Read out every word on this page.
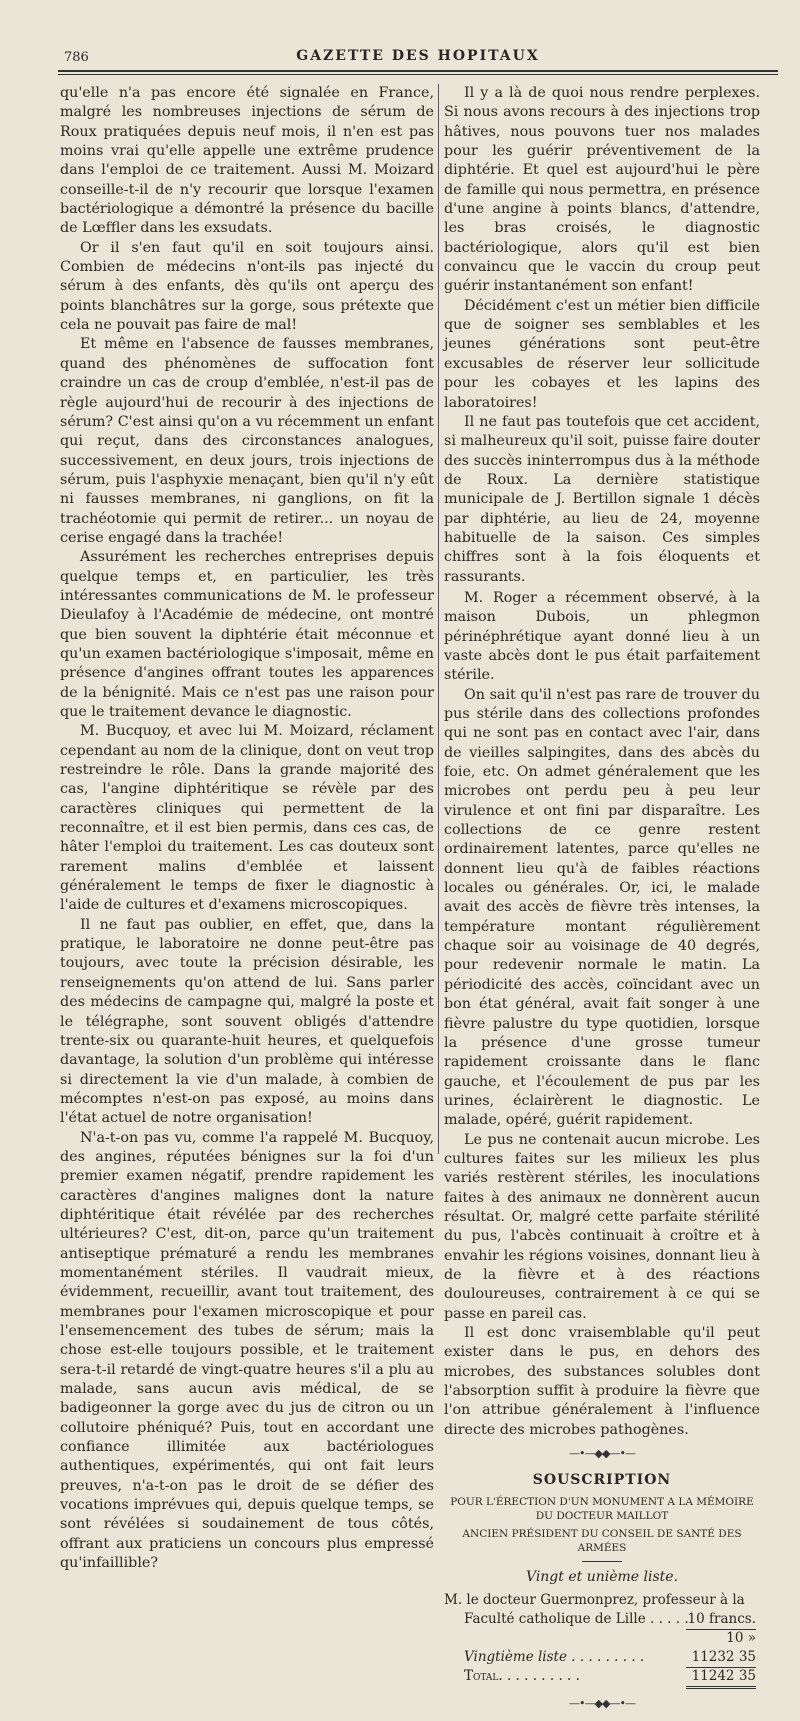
786	GAZETTE DES HOPITAUX

qu'elle n'a pas encore été signalée en France, malgré les nombreuses injections de sérum de Roux pratiquées depuis neuf mois, il n'en est pas moins vrai qu'elle appelle une extrême prudence dans l'emploi de ce traitement. Aussi M. Moizard conseille-t-il de n'y recourir que lorsque l'examen bactériologique a démontré la présence du bacille de Lœffler dans les exsudats.

Or il s'en faut qu'il en soit toujours ainsi. Combien de médecins n'ont-ils pas injecté du sérum à des enfants, dès qu'ils ont aperçu des points blanchâtres sur la gorge, sous prétexte que cela ne pouvait pas faire de mal!

Et même en l'absence de fausses membranes, quand des phénomènes de suffocation font craindre un cas de croup d'emblée, n'est-il pas de règle aujourd'hui de recourir à des injections de sérum? C'est ainsi qu'on a vu récemment un enfant qui reçut, dans des circonstances analogues, successivement, en deux jours, trois injections de sérum, puis l'asphyxie menaçant, bien qu'il n'y eût ni fausses membranes, ni ganglions, on fit la trachéotomie qui permit de retirer... un noyau de cerise engagé dans la trachée!

Assurément les recherches entreprises depuis quelque temps et, en particulier, les très intéressantes communications de M. le professeur Dieulafoy à l'Académie de médecine, ont montré que bien souvent la diphtérie était méconnue et qu'un examen bactériologique s'imposait, même en présence d'angines offrant toutes les apparences de la bénignité. Mais ce n'est pas une raison pour que le traitement devance le diagnostic.

M. Bucquoy, et avec lui M. Moizard, réclament cependant au nom de la clinique, dont on veut trop restreindre le rôle. Dans la grande majorité des cas, l'angine diphtéritique se révèle par des caractères cliniques qui permettent de la reconnaître, et il est bien permis, dans ces cas, de hâter l'emploi du traitement. Les cas douteux sont rarement malins d'emblée et laissent généralement le temps de fixer le diagnostic à l'aide de cultures et d'examens microscopiques.

Il ne faut pas oublier, en effet, que, dans la pratique, le laboratoire ne donne peut-être pas toujours, avec toute la précision désirable, les renseignements qu'on attend de lui. Sans parler des médecins de campagne qui, malgré la poste et le télégraphe, sont souvent obligés d'attendre trente-six ou quarante-huit heures, et quelquefois davantage, la solution d'un problème qui intéresse si directement la vie d'un malade, à combien de mécomptes n'est-on pas exposé, au moins dans l'état actuel de notre organisation!

N'a-t-on pas vu, comme l'a rappelé M. Bucquoy, des angines, réputées bénignes sur la foi d'un premier examen négatif, prendre rapidement les caractères d'angines malignes dont la nature diphtéritique était révélée par des recherches ultérieures? C'est, dit-on, parce qu'un traitement antiseptique prématuré a rendu les membranes momentanément stériles. Il vaudrait mieux, évidemment, recueillir, avant tout traitement, des membranes pour l'examen microscopique et pour l'ensemencement des tubes de sérum; mais la chose est-elle toujours possible, et le traitement sera-t-il retardé de vingt-quatre heures s'il a plu au malade, sans aucun avis médical, de se badigeonner la gorge avec du jus de citron ou un collutoire phéniqué? Puis, tout en accordant une confiance illimitée aux bactériologues authentiques, expérimentés, qui ont fait leurs preuves, n'a-t-on pas le droit de se défier des vocations imprévues qui, depuis quelque temps, se sont révélées si soudainement de tous côtés, offrant aux praticiens un concours plus empressé qu'infaillible?

Il y a là de quoi nous rendre perplexes. Si nous avons recours à des injections trop hâtives, nous pouvons tuer nos malades pour les guérir préventivement de la diphtérie. Et quel est aujourd'hui le père de famille qui nous permettra, en présence d'une angine à points blancs, d'attendre, les bras croisés, le diagnostic bactériologique, alors qu'il est bien convaincu que le vaccin du croup peut guérir instantanément son enfant!

Décidément c'est un métier bien difficile que de soigner ses semblables et les jeunes générations sont peut-être excusables de réserver leur sollicitude pour les cobayes et les lapins des laboratoires!

Il ne faut pas toutefois que cet accident, si malheureux qu'il soit, puisse faire douter des succès ininterrompus dus à la méthode de Roux. La dernière statistique municipale de J. Bertillon signale 1 décès par diphtérie, au lieu de 24, moyenne habituelle de la saison. Ces simples chiffres sont à la fois éloquents et rassurants.

M. Roger a récemment observé, à la maison Dubois, un phlegmon périnéphrétique ayant donné lieu à un vaste abcès dont le pus était parfaitement stérile.

On sait qu'il n'est pas rare de trouver du pus stérile dans des collections profondes qui ne sont pas en contact avec l'air, dans de vieilles salpingites, dans des abcès du foie, etc. On admet généralement que les microbes ont perdu peu à peu leur virulence et ont fini par disparaître. Les collections de ce genre restent ordinairement latentes, parce qu'elles ne donnent lieu qu'à de faibles réactions locales ou générales. Or, ici, le malade avait des accès de fièvre très intenses, la température montant régulièrement chaque soir au voisinage de 40 degrés, pour redevenir normale le matin. La périodicité des accès, coïncidant avec un bon état général, avait fait songer à une fièvre palustre du type quotidien, lorsque la présence d'une grosse tumeur rapidement croissante dans le flanc gauche, et l'écoulement de pus par les urines, éclairèrent le diagnostic. Le malade, opéré, guérit rapidement.

Le pus ne contenait aucun microbe. Les cultures faites sur les milieux les plus variés restèrent stériles, les inoculations faites à des animaux ne donnèrent aucun résultat. Or, malgré cette parfaite stérilité du pus, l'abcès continuait à croître et à envahir les régions voisines, donnant lieu à de la fièvre et à des réactions douloureuses, contrairement à ce qui se passe en pareil cas.

Il est donc vraisemblable qu'il peut exister dans le pus, en dehors des microbes, des substances solubles dont l'absorption suffit à produire la fièvre que l'on attribue généralement à l'influence directe des microbes pathogènes.

—•—◆◆—•—
SOUSCRIPTION
POUR L'ÉRECTION D'UN MONUMENT A LA MÉMOIRE DU DOCTEUR MAILLOT
ANCIEN PRÉSIDENT DU CONSEIL DE SANTÉ DES ARMÉES
Vingt et unième liste.
M. le docteur Guermonprez, professeur à la
Faculté catholique de Lille . . . . .
10 francs.
10 »
Vingtième liste . . . . . . . . .	11232 35
Total. . . . . . . . . .	11242 35
—•—◆◆—•—
